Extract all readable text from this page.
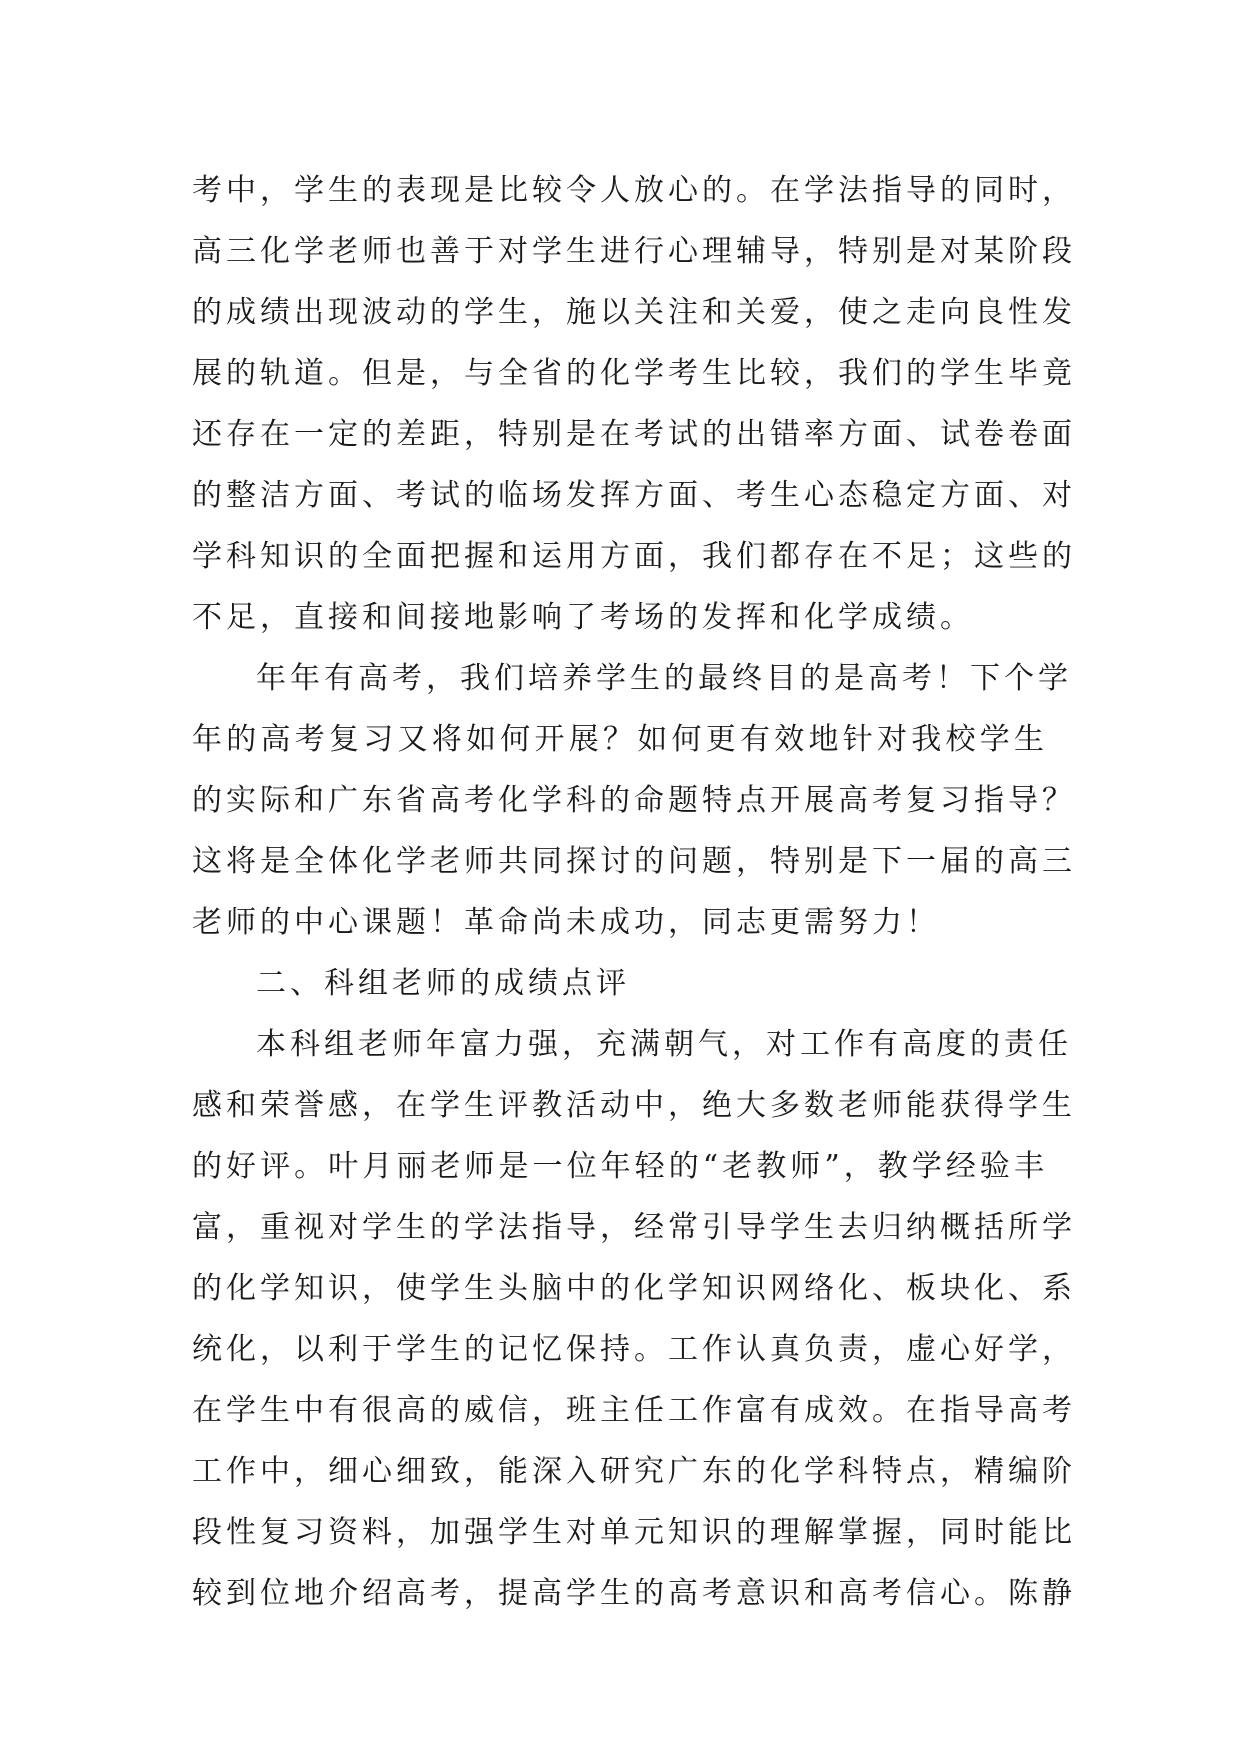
考中，学生的表现是比较令人放心的。在学法指导的同时，
高三化学老师也善于对学生进行心理辅导，特别是对某阶段
的成绩出现波动的学生，施以关注和关爱，使之走向良性发
展的轨道。但是，与全省的化学考生比较，我们的学生毕竟
还存在一定的差距，特别是在考试的出错率方面、试卷卷面
的整洁方面、考试的临场发挥方面、考生心态稳定方面、对
学科知识的全面把握和运用方面，我们都存在不足；这些的
不足，直接和间接地影响了考场的发挥和化学成绩。
年年有高考，我们培养学生的最终目的是高考！下个学
年的高考复习又将如何开展？如何更有效地针对我校学生
的实际和广东省高考化学科的命题特点开展高考复习指导？
这将是全体化学老师共同探讨的问题，特别是下一届的高三
老师的中心课题！革命尚未成功，同志更需努力！
二、科组老师的成绩点评
本科组老师年富力强，充满朝气，对工作有高度的责任
感和荣誉感，在学生评教活动中，绝大多数老师能获得学生
的好评。叶月丽老师是一位年轻的“老教师”，教学经验丰
富，重视对学生的学法指导，经常引导学生去归纳概括所学
的化学知识，使学生头脑中的化学知识网络化、板块化、系
统化，以利于学生的记忆保持。工作认真负责，虚心好学，
在学生中有很高的威信，班主任工作富有成效。在指导高考
工作中，细心细致，能深入研究广东的化学科特点，精编阶
段性复习资料，加强学生对单元知识的理解掌握，同时能比
较到位地介绍高考，提高学生的高考意识和高考信心。陈静
